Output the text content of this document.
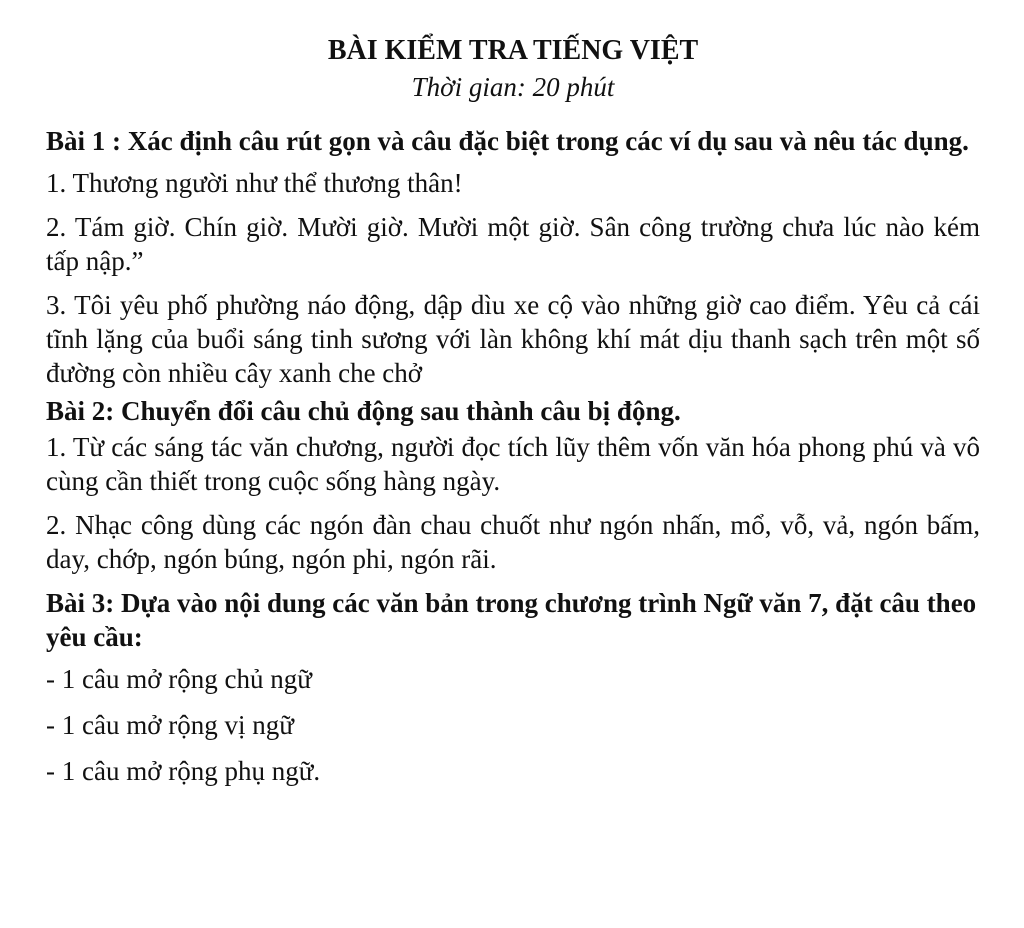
BÀI KIỂM TRA TIẾNG VIỆT

Thời gian: 20 phút

Bài 1 : Xác định câu rút gọn và câu đặc biệt trong các ví dụ sau và nêu tác dụng.

1. Thương người như thể thương thân!

2. Tám giờ. Chín giờ. Mười giờ. Mười một giờ. Sân công trường chưa lúc nào kém tấp nập.”

3. Tôi yêu phố phường náo động, dập dìu xe cộ vào những giờ cao điểm. Yêu cả cái tĩnh lặng của buổi sáng tinh sương với làn không khí mát dịu thanh sạch trên một số đường còn nhiều cây xanh che chở

Bài 2: Chuyển đổi câu chủ động sau thành câu bị động.

1. Từ các sáng tác văn chương, người đọc tích lũy thêm vốn văn hóa phong phú và vô cùng cần thiết trong cuộc sống hàng ngày.

2. Nhạc công dùng các ngón đàn chau chuốt như ngón nhấn, mổ, vỗ, vả, ngón bấm, day, chớp, ngón búng, ngón phi, ngón rãi.

Bài 3: Dựa vào nội dung các văn bản trong chương trình Ngữ văn 7, đặt câu theo yêu cầu:

- 1 câu mở rộng chủ ngữ

- 1 câu mở rộng vị ngữ

- 1 câu mở rộng phụ ngữ.
